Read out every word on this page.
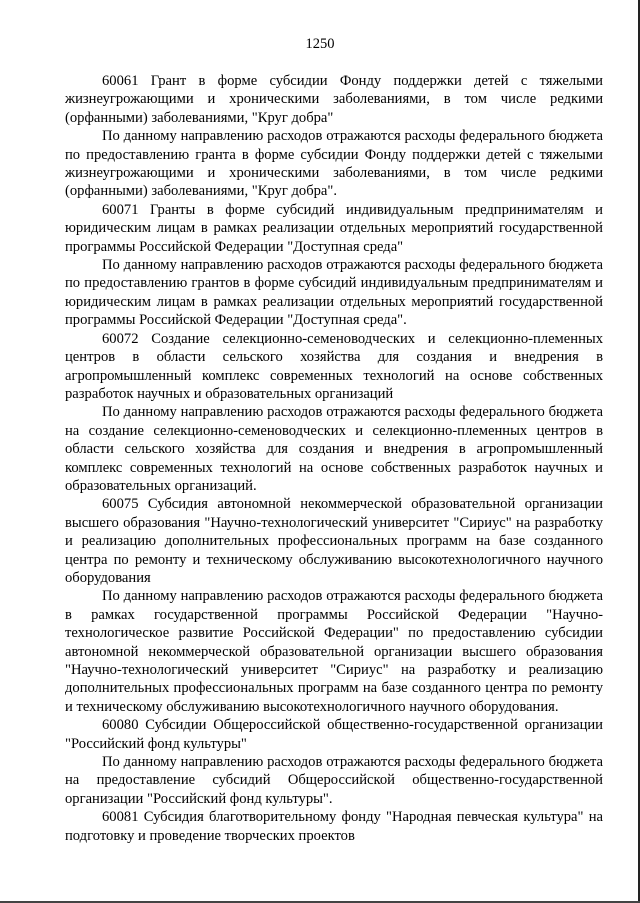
1250

60061 Грант в форме субсидии Фонду поддержки детей с тяжелыми жизнеугрожающими и хроническими заболеваниями, в том числе редкими (орфанными) заболеваниями, "Круг добра"

По данному направлению расходов отражаются расходы федерального бюджета по предоставлению гранта в форме субсидии Фонду поддержки детей с тяжелыми жизнеугрожающими и хроническими заболеваниями, в том числе редкими (орфанными) заболеваниями, "Круг добра".

60071 Гранты в форме субсидий индивидуальным предпринимателям и юридическим лицам в рамках реализации отдельных мероприятий государственной программы Российской Федерации "Доступная среда"

По данному направлению расходов отражаются расходы федерального бюджета по предоставлению грантов в форме субсидий индивидуальным предпринимателям и юридическим лицам в рамках реализации отдельных мероприятий государственной программы Российской Федерации "Доступная среда".

60072 Создание селекционно-семеноводческих и селекционно-племенных центров в области сельского хозяйства для создания и внедрения в агропромышленный комплекс современных технологий на основе собственных разработок научных и образовательных организаций

По данному направлению расходов отражаются расходы федерального бюджета на создание селекционно-семеноводческих и селекционно-племенных центров в области сельского хозяйства для создания и внедрения в агропромышленный комплекс современных технологий на основе собственных разработок научных и образовательных организаций.

60075 Субсидия автономной некоммерческой образовательной организации высшего образования "Научно-технологический университет "Сириус" на разработку и реализацию дополнительных профессиональных программ на базе созданного центра по ремонту и техническому обслуживанию высокотехнологичного научного оборудования

По данному направлению расходов отражаются расходы федерального бюджета в рамках государственной программы Российской Федерации "Научно-технологическое развитие Российской Федерации" по предоставлению субсидии автономной некоммерческой образовательной организации высшего образования "Научно-технологический университет "Сириус" на разработку и реализацию дополнительных профессиональных программ на базе созданного центра по ремонту и техническому обслуживанию высокотехнологичного научного оборудования.

60080 Субсидии Общероссийской общественно-государственной организации "Российский фонд культуры"

По данному направлению расходов отражаются расходы федерального бюджета на предоставление субсидий Общероссийской общественно-государственной организации "Российский фонд культуры".

60081 Субсидия благотворительному фонду "Народная певческая культура" на подготовку и проведение творческих проектов
